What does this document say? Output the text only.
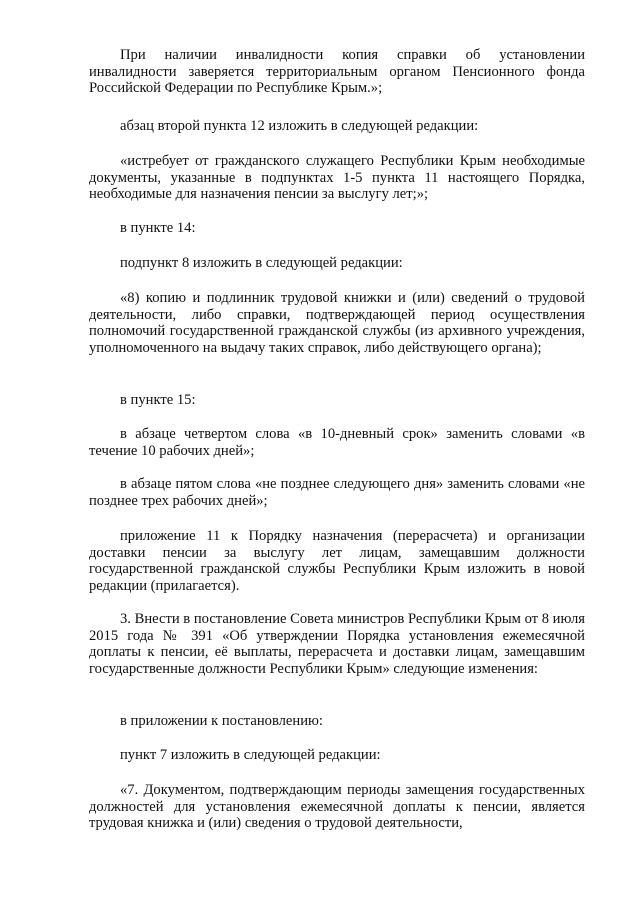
При наличии инвалидности копия справки об установлении инвалидности заверяется территориальным органом Пенсионного фонда Российской Федерации по Республике Крым.»;

абзац второй пункта 12 изложить в следующей редакции:

«истребует от гражданского служащего Республики Крым необходимые документы, указанные в подпунктах 1-5 пункта 11 настоящего Порядка, необходимые для назначения пенсии за выслугу лет;»;

в пункте 14:

подпункт 8 изложить в следующей редакции:

«8) копию и подлинник трудовой книжки и (или) сведений о трудовой деятельности, либо справки, подтверждающей период осуществления полномочий государственной гражданской службы (из архивного учреждения, уполномоченного на выдачу таких справок, либо действующего органа);

в пункте 15:

в абзаце четвертом слова «в 10-дневный срок» заменить словами «в течение 10 рабочих дней»;

в абзаце пятом слова «не позднее следующего дня» заменить словами «не позднее трех рабочих дней»;

приложение 11 к Порядку назначения (перерасчета) и организации доставки пенсии за выслугу лет лицам, замещавшим должности государственной гражданской службы Республики Крым изложить в новой редакции (прилагается).

3. Внести в постановление Совета министров Республики Крым от 8 июля 2015 года № 391 «Об утверждении Порядка установления ежемесячной доплаты к пенсии, её выплаты, перерасчета и доставки лицам, замещавшим государственные должности Республики Крым» следующие изменения:

в приложении к постановлению:

пункт 7 изложить в следующей редакции:

«7. Документом, подтверждающим периоды замещения государственных должностей для установления ежемесячной доплаты к пенсии, является трудовая книжка и (или) сведения о трудовой деятельности,
